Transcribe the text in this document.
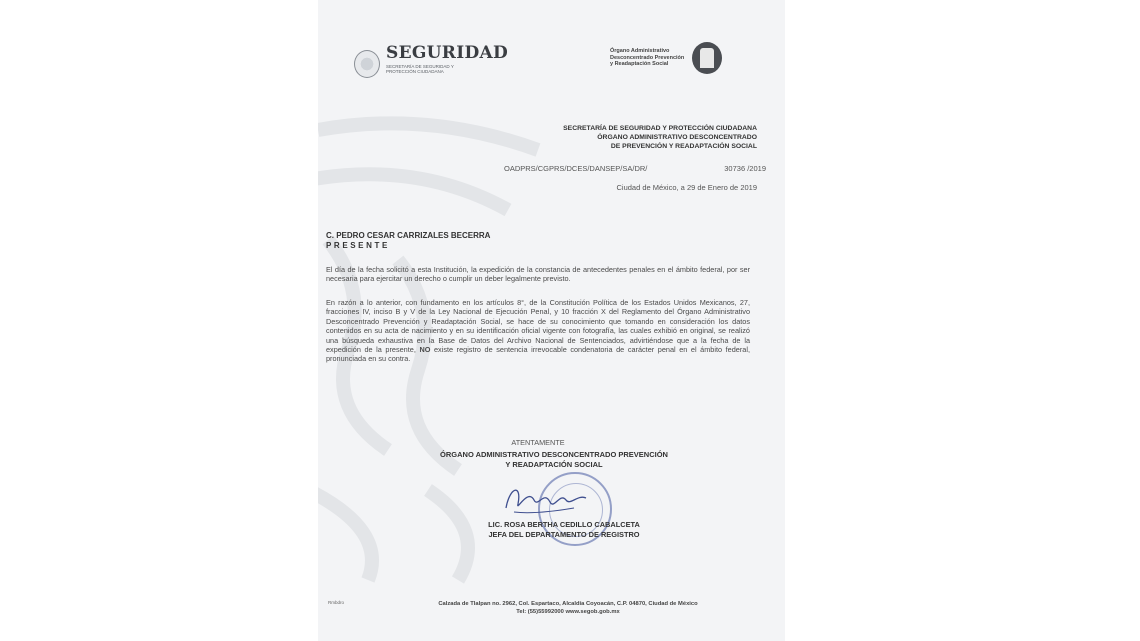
SEGURIDAD
SECRETARÍA DE SEGURIDAD Y PROTECCIÓN CIUDADANA
Órgano Administrativo Desconcentrado Prevención y Readaptación Social
SECRETARÍA DE SEGURIDAD Y PROTECCIÓN CIUDADANA
ÓRGANO ADMINISTRATIVO DESCONCENTRADO
DE PREVENCIÓN Y READAPTACIÓN SOCIAL
OADPRS/CGPRS/DCES/DANSEP/SA/DR/	30736 /2019
Ciudad de México, a 29 de Enero de 2019
C. PEDRO CESAR CARRIZALES BECERRA
PRESENTE
El día de la fecha solicitó a esta Institución, la expedición de la constancia de antecedentes penales en el ámbito federal, por ser necesaria para ejercitar un derecho o cumplir un deber legalmente previsto.
En razón a lo anterior, con fundamento en los artículos 8°, de la Constitución Política de los Estados Unidos Mexicanos, 27, fracciones IV, inciso B y V de la Ley Nacional de Ejecución Penal, y 10 fracción X del Reglamento del Órgano Administrativo Desconcentrado Prevención y Readaptación Social, se hace de su conocimiento que tomando en consideración los datos contenidos en su acta de nacimiento y en su identificación oficial vigente con fotografía, las cuales exhibió en original, se realizó una búsqueda exhaustiva en la Base de Datos del Archivo Nacional de Sentenciados, advirtiéndose que a la fecha de la expedición de la presente, NO existe registro de sentencia irrevocable condenatoria de carácter penal en el ámbito federal, pronunciada en su contra.
ATENTAMENTE
ÓRGANO ADMINISTRATIVO DESCONCENTRADO PREVENCIÓN
Y READAPTACIÓN SOCIAL
LIC. ROSA BERTHA CEDILLO CABALCETA
JEFA DEL DEPARTAMENTO DE REGISTRO
Rmbdro	Calzada de Tlalpan no. 2962, Col. Espartaco, Alcaldía Coyoacán, C.P. 04870, Ciudad de México
Tel: (55)55992000 www.segob.gob.mx
